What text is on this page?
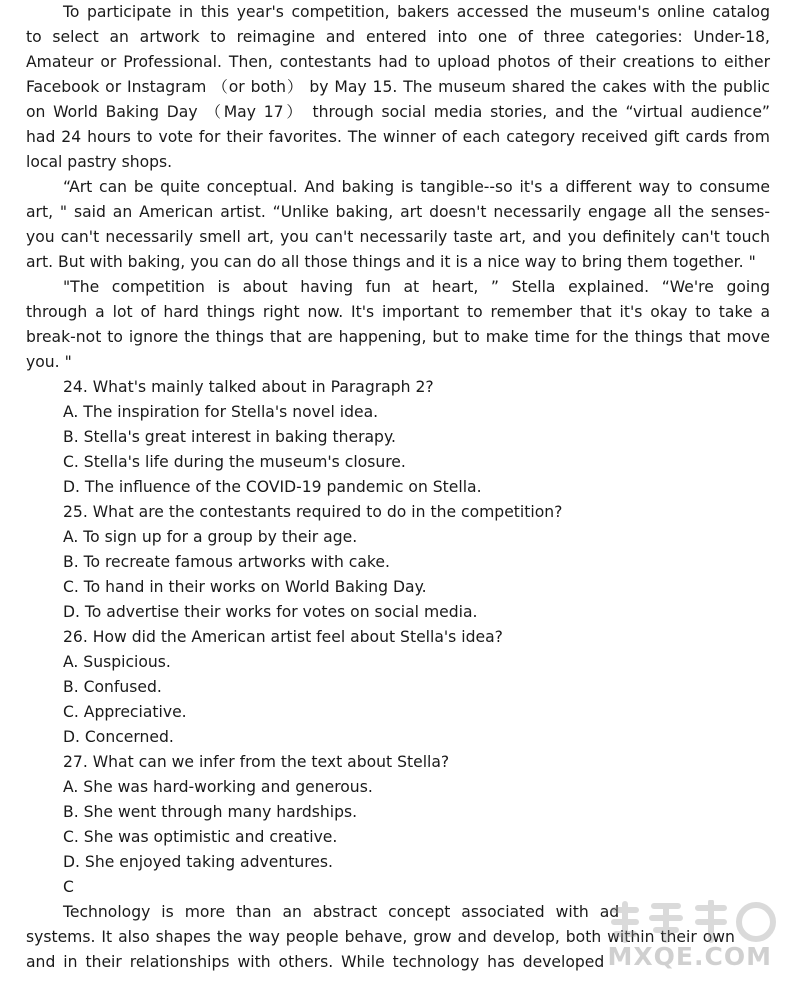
To participate in this year's competition, bakers accessed the museum's online catalog
to select an artwork to reimagine and entered into one of three categories: Under-18,
Amateur or Professional. Then, contestants had to upload photos of their creations to either
Facebook or Instagram （or both） by May 15. The museum shared the cakes with the public
on World Baking Day （May 17） through social media stories, and the “virtual audience”
had 24 hours to vote for their favorites. The winner of each category received gift cards from
local pastry shops.
“Art can be quite conceptual. And baking is tangible--so it's a different way to consume
art, " said an American artist. “Unlike baking, art doesn't necessarily engage all the senses-
you can't necessarily smell art, you can't necessarily taste art, and you definitely can't touch
art. But with baking, you can do all those things and it is a nice way to bring them together. "
"The competition is about having fun at heart, ” Stella explained. “We're going
through a lot of hard things right now. It's important to remember that it's okay to take a
break-not to ignore the things that are happening, but to make time for the things that move
you. "
24. What's mainly talked about in Paragraph 2?
A. The inspiration for Stella's novel idea.
B. Stella's great interest in baking therapy.
C. Stella's life during the museum's closure.
D. The influence of the COVID-19 pandemic on Stella.
25. What are the contestants required to do in the competition?
A. To sign up for a group by their age.
B. To recreate famous artworks with cake.
C. To hand in their works on World Baking Day.
D. To advertise their works for votes on social media.
26. How did the American artist feel about Stella's idea?
A. Suspicious.
B. Confused.
C. Appreciative.
D. Concerned.
27. What can we infer from the text about Stella?
A. She was hard-working and generous.
B. She went through many hardships.
C. She was optimistic and creative.
D. She enjoyed taking adventures.
C
Technology is more than an abstract concept associated with ad
systems. It also shapes the way people behave, grow and develop, both within their own
and in their relationships with others. While technology has developed MXQE.COM
